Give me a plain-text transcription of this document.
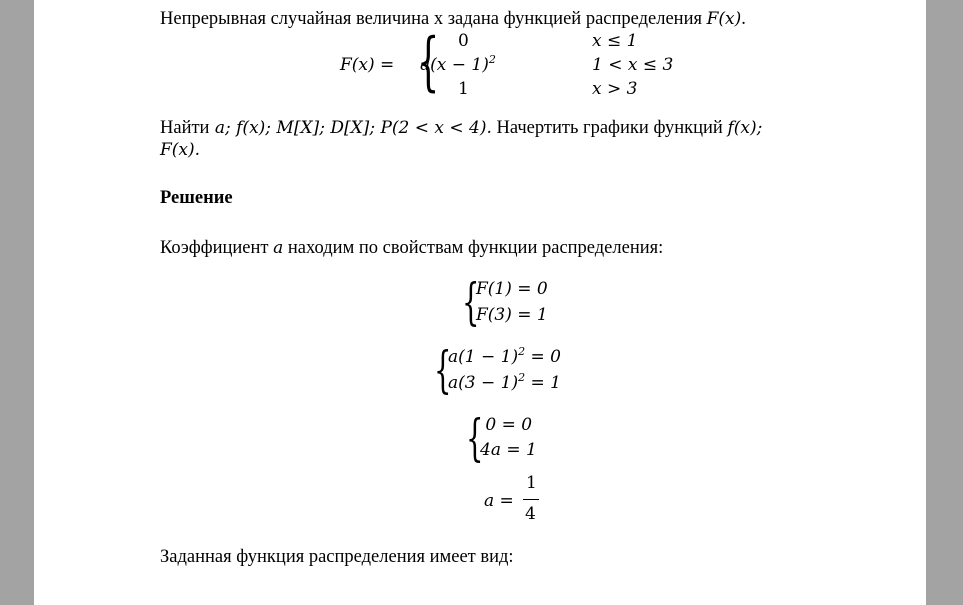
Непрерывная случайная величина x задана функцией распределения F(x).
F(x) = { 0	x ≤ 1
$a(x - 1)^2$	1 < x ≤ 3
1	x > 3
Найти a; f(x); M[X]; D[X]; P(2 < x < 4). Начертить графики функций f(x);
F(x).
Решение
Коэффициент a находим по свойствам функции распределения:
{
F(1) = 0
F(3) = 1
{
$a(1 - 1)^2 = 0$
$a(3 - 1)^2 = 1$
{
0 = 0
4a = 1
a =
1
4
Заданная функция распределения имеет вид:
